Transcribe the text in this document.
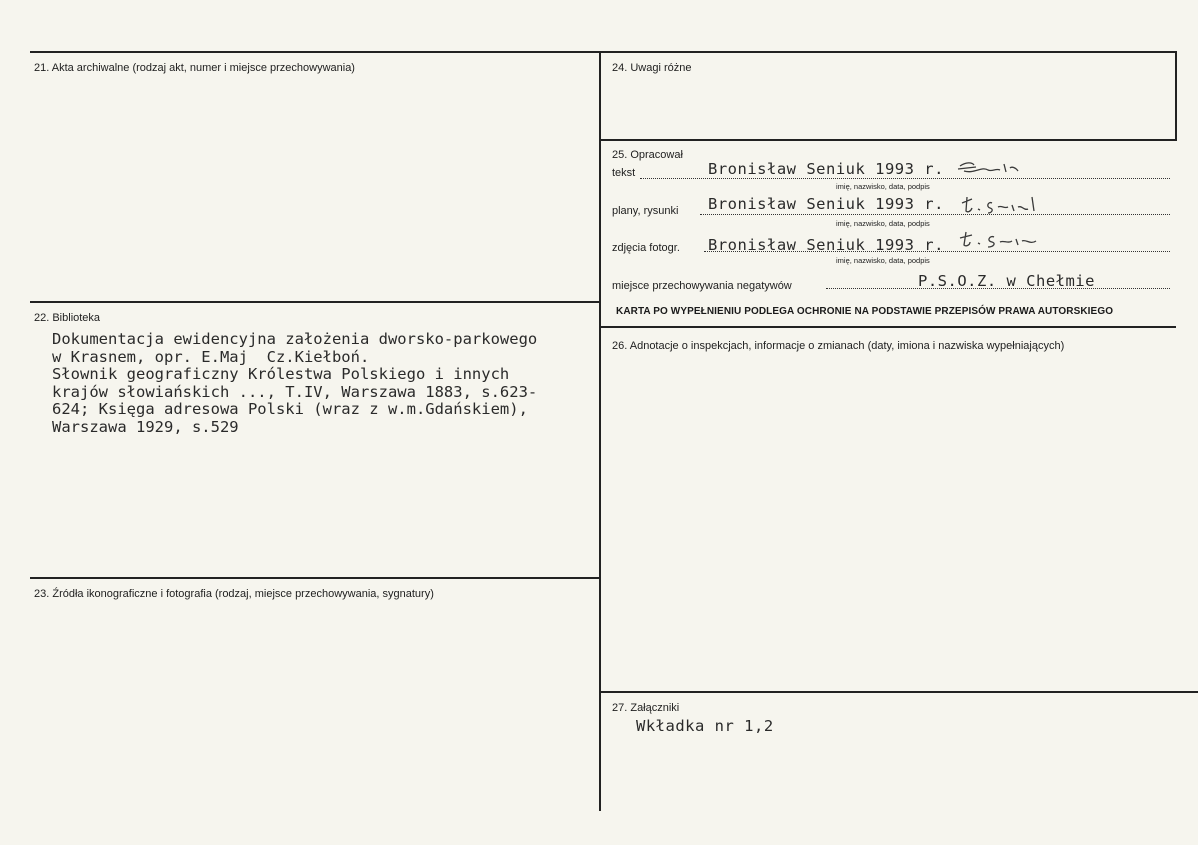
21. Akta archiwalne (rodzaj akt, numer i miejsce przechowywania)
22. Biblioteka
Dokumentacja ewidencyjna założenia dworsko-parkowego
w Krasnem, opr. E.Maj  Cz.Kiełboń.
Słownik geograficzny Królestwa Polskiego i innych
krajów słowiańskich ..., T.IV, Warszawa 1883, s.623-
624; Księga adresowa Polski (wraz z w.m.Gdańskiem),
Warszawa 1929, s.529
23. Źródła ikonograficzne i fotografia (rodzaj, miejsce przechowywania, sygnatury)
24. Uwagi różne
25. Opracował
tekst	Bronisław Seniuk 1993 r.
imię, nazwisko, data, podpis
plany, rysunki Bronisław Seniuk 1993 r.
imię, nazwisko, data, podpis
zdjęcia fotogr. Bronisław Seniuk 1993 r.
imię, nazwisko, data, podpis
miejsce przechowywania negatywów	P.S.O.Z. w Chełmie
KARTA PO WYPEŁNIENIU PODLEGA OCHRONIE NA PODSTAWIE PRZEPISÓW PRAWA AUTORSKIEGO
26. Adnotacje o inspekcjach, informacje o zmianach (daty, imiona i nazwiska wypełniających)
27. Załączniki
Wkładka nr 1,2
